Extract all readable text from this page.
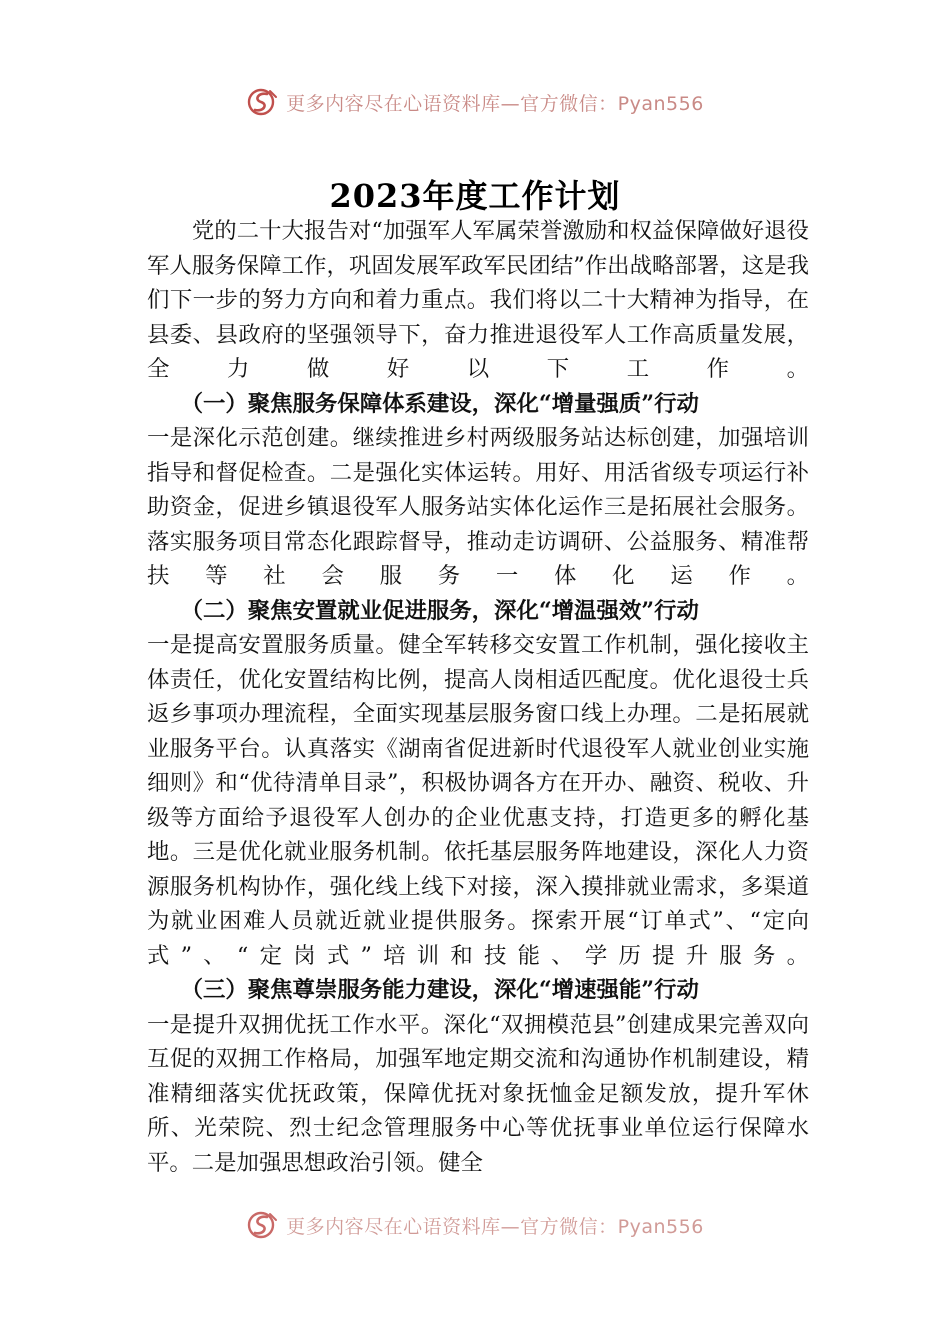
更多内容尽在心语资料库—官方微信：Pyan556
2023年度工作计划

　　党的二十大报告对“加强军人军属荣誉激励和权益保障做好退役军人服务保障工作，巩固发展军政军民团结”作出战略部署，这是我们下一步的努力方向和着力重点。我们将以二十大精神为指导，在县委、县政府的坚强领导下，奋力推进退役军人工作高质量发展，全力做好以下工作。

　　（一）聚焦服务保障体系建设，深化“增量强质”行动

一是深化示范创建。继续推进乡村两级服务站达标创建，加强培训指导和督促检查。二是强化实体运转。用好、用活省级专项运行补助资金，促进乡镇退役军人服务站实体化运作三是拓展社会服务。落实服务项目常态化跟踪督导，推动走访调研、公益服务、精准帮扶等社会服务一体化运作。

　　（二）聚焦安置就业促进服务，深化“增温强效”行动

一是提高安置服务质量。健全军转移交安置工作机制，强化接收主体责任，优化安置结构比例，提高人岗相适匹配度。优化退役士兵返乡事项办理流程，全面实现基层服务窗口线上办理。二是拓展就业服务平台。认真落实《湖南省促进新时代退役军人就业创业实施细则》和“优待清单目录”，积极协调各方在开办、融资、税收、升级等方面给予退役军人创办的企业优惠支持，打造更多的孵化基地。三是优化就业服务机制。依托基层服务阵地建设，深化人力资源服务机构协作，强化线上线下对接，深入摸排就业需求，多渠道为就业困难人员就近就业提供服务。探索开展“订单式”、“定向式”、“定岗式”培训和技能、学历提升服务。

　　（三）聚焦尊崇服务能力建设，深化“增速强能”行动

一是提升双拥优抚工作水平。深化“双拥模范县”创建成果完善双向互促的双拥工作格局，加强军地定期交流和沟通协作机制建设，精准精细落实优抚政策，保障优抚对象抚恤金足额发放，提升军休所、光荣院、烈士纪念管理服务中心等优抚事业单位运行保障水平。二是加强思想政治引领。健全

更多内容尽在心语资料库—官方微信：Pyan556
